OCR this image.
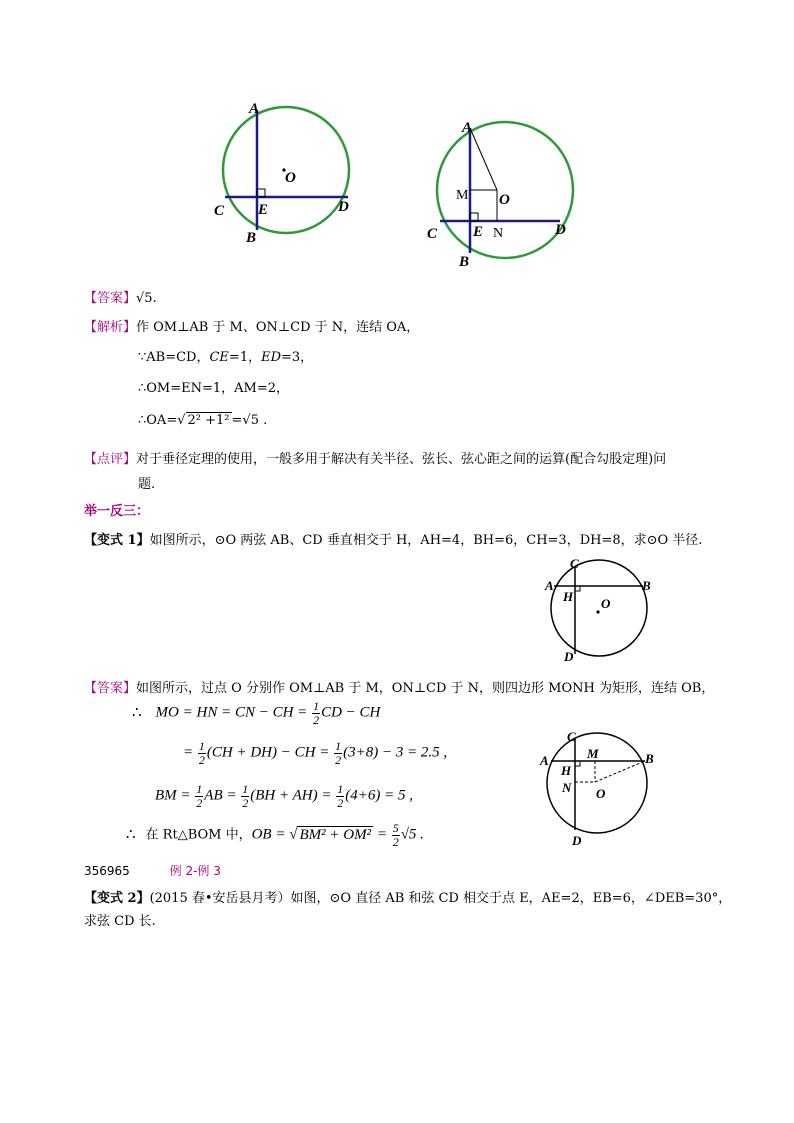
A
B
C	D
E
O
A
B
C	D
E
O
M
N
【答案】√5.
【解析】作 OM⊥AB 于 M、ON⊥CD 于 N，连结 OA，
∵AB=CD，CE=1，ED=3，
∴OM=EN=1，AM=2，
∴OA=√ 2² +1² =√5 .
【点评】对于垂径定理的使用，一般多用于解决有关半径、弦长、弦心距之间的运算(配合勾股定理)问
题.
举一反三：
【变式 1】如图所示，⊙O 两弦 AB、CD 垂直相交于 H，AH=4，BH=6，CH=3，DH=8，求⊙O 半径.
C
A	B
H O
D
【答案】如图所示，过点 O 分别作 OM⊥AB 于 M，ON⊥CD 于 N，则四边形 MONH 为矩形，连结 OB，
∴ MO = HN = CN − CH = $\frac{1}{2}$ CD − CH
= $\frac{1}{2} (CH + DH)$ − CH = $\frac{1}{2} (3+8) - 3 = 2.5$ ,
BM = $\frac{1}{2}$ AB = $\frac{1}{2} (BH + AH) = \frac{1}{2} (4+6) = 5$ ,
∴ 在 Rt△BOM 中，OB = √ $BM^2 + OM^2 = \frac{5}{2} √5$ .
C
A	B
H
M
N O
D
356965	例 2-例 3
【变式 2】(2015 春•安岳县月考）如图，⊙O 直径 AB 和弦 CD 相交于点 E，AE=2，EB=6，∠DEB=30°，
求弦 CD 长.
